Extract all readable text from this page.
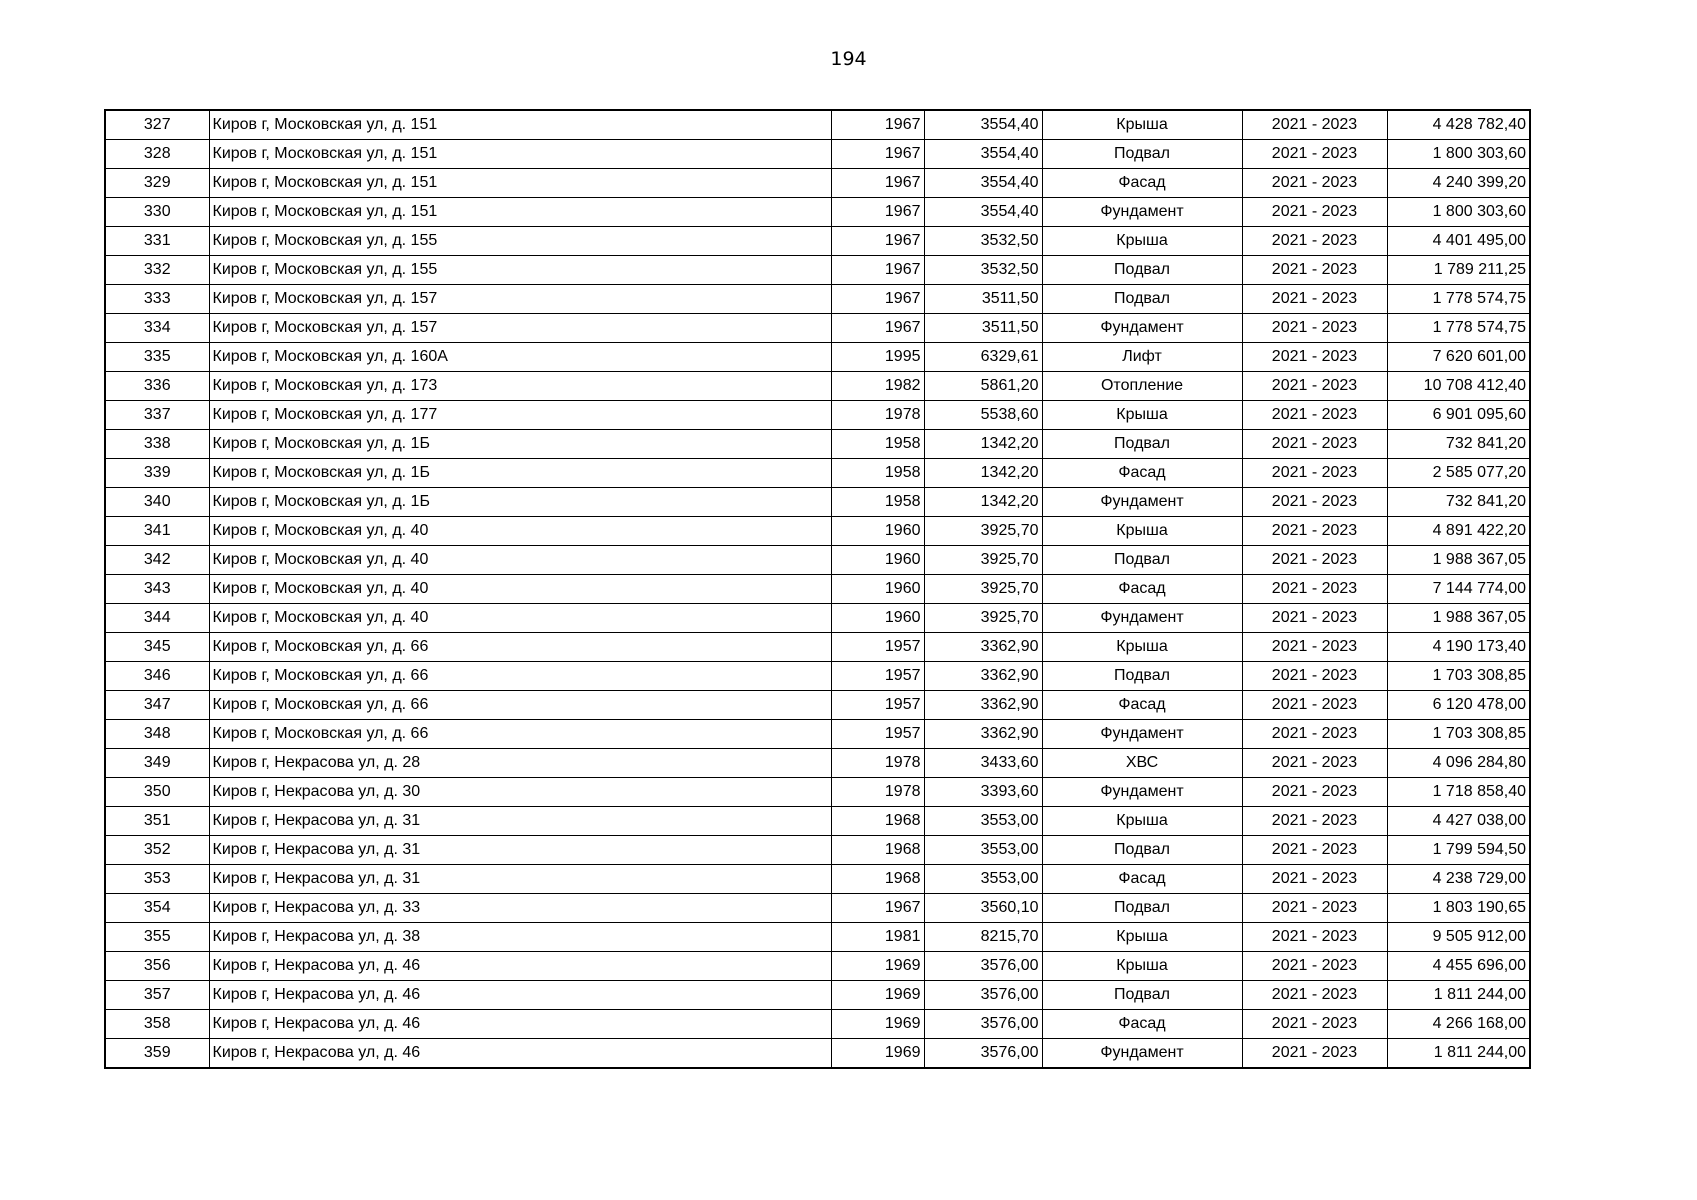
194
327	Киров г, Московская ул, д. 151	1967	3554,40	Крыша	2021 - 2023	4 428 782,40
328	Киров г, Московская ул, д. 151	1967	3554,40	Подвал	2021 - 2023	1 800 303,60
329	Киров г, Московская ул, д. 151	1967	3554,40	Фасад	2021 - 2023	4 240 399,20
330	Киров г, Московская ул, д. 151	1967	3554,40	Фундамент	2021 - 2023	1 800 303,60
331	Киров г, Московская ул, д. 155	1967	3532,50	Крыша	2021 - 2023	4 401 495,00
332	Киров г, Московская ул, д. 155	1967	3532,50	Подвал	2021 - 2023	1 789 211,25
333	Киров г, Московская ул, д. 157	1967	3511,50	Подвал	2021 - 2023	1 778 574,75
334	Киров г, Московская ул, д. 157	1967	3511,50	Фундамент	2021 - 2023	1 778 574,75
335	Киров г, Московская ул, д. 160А	1995	6329,61	Лифт	2021 - 2023	7 620 601,00
336	Киров г, Московская ул, д. 173	1982	5861,20	Отопление	2021 - 2023	10 708 412,40
337	Киров г, Московская ул, д. 177	1978	5538,60	Крыша	2021 - 2023	6 901 095,60
338	Киров г, Московская ул, д. 1Б	1958	1342,20	Подвал	2021 - 2023	732 841,20
339	Киров г, Московская ул, д. 1Б	1958	1342,20	Фасад	2021 - 2023	2 585 077,20
340	Киров г, Московская ул, д. 1Б	1958	1342,20	Фундамент	2021 - 2023	732 841,20
341	Киров г, Московская ул, д. 40	1960	3925,70	Крыша	2021 - 2023	4 891 422,20
342	Киров г, Московская ул, д. 40	1960	3925,70	Подвал	2021 - 2023	1 988 367,05
343	Киров г, Московская ул, д. 40	1960	3925,70	Фасад	2021 - 2023	7 144 774,00
344	Киров г, Московская ул, д. 40	1960	3925,70	Фундамент	2021 - 2023	1 988 367,05
345	Киров г, Московская ул, д. 66	1957	3362,90	Крыша	2021 - 2023	4 190 173,40
346	Киров г, Московская ул, д. 66	1957	3362,90	Подвал	2021 - 2023	1 703 308,85
347	Киров г, Московская ул, д. 66	1957	3362,90	Фасад	2021 - 2023	6 120 478,00
348	Киров г, Московская ул, д. 66	1957	3362,90	Фундамент	2021 - 2023	1 703 308,85
349	Киров г, Некрасова ул, д. 28	1978	3433,60	ХВС	2021 - 2023	4 096 284,80
350	Киров г, Некрасова ул, д. 30	1978	3393,60	Фундамент	2021 - 2023	1 718 858,40
351	Киров г, Некрасова ул, д. 31	1968	3553,00	Крыша	2021 - 2023	4 427 038,00
352	Киров г, Некрасова ул, д. 31	1968	3553,00	Подвал	2021 - 2023	1 799 594,50
353	Киров г, Некрасова ул, д. 31	1968	3553,00	Фасад	2021 - 2023	4 238 729,00
354	Киров г, Некрасова ул, д. 33	1967	3560,10	Подвал	2021 - 2023	1 803 190,65
355	Киров г, Некрасова ул, д. 38	1981	8215,70	Крыша	2021 - 2023	9 505 912,00
356	Киров г, Некрасова ул, д. 46	1969	3576,00	Крыша	2021 - 2023	4 455 696,00
357	Киров г, Некрасова ул, д. 46	1969	3576,00	Подвал	2021 - 2023	1 811 244,00
358	Киров г, Некрасова ул, д. 46	1969	3576,00	Фасад	2021 - 2023	4 266 168,00
359	Киров г, Некрасова ул, д. 46	1969	3576,00	Фундамент	2021 - 2023	1 811 244,00
